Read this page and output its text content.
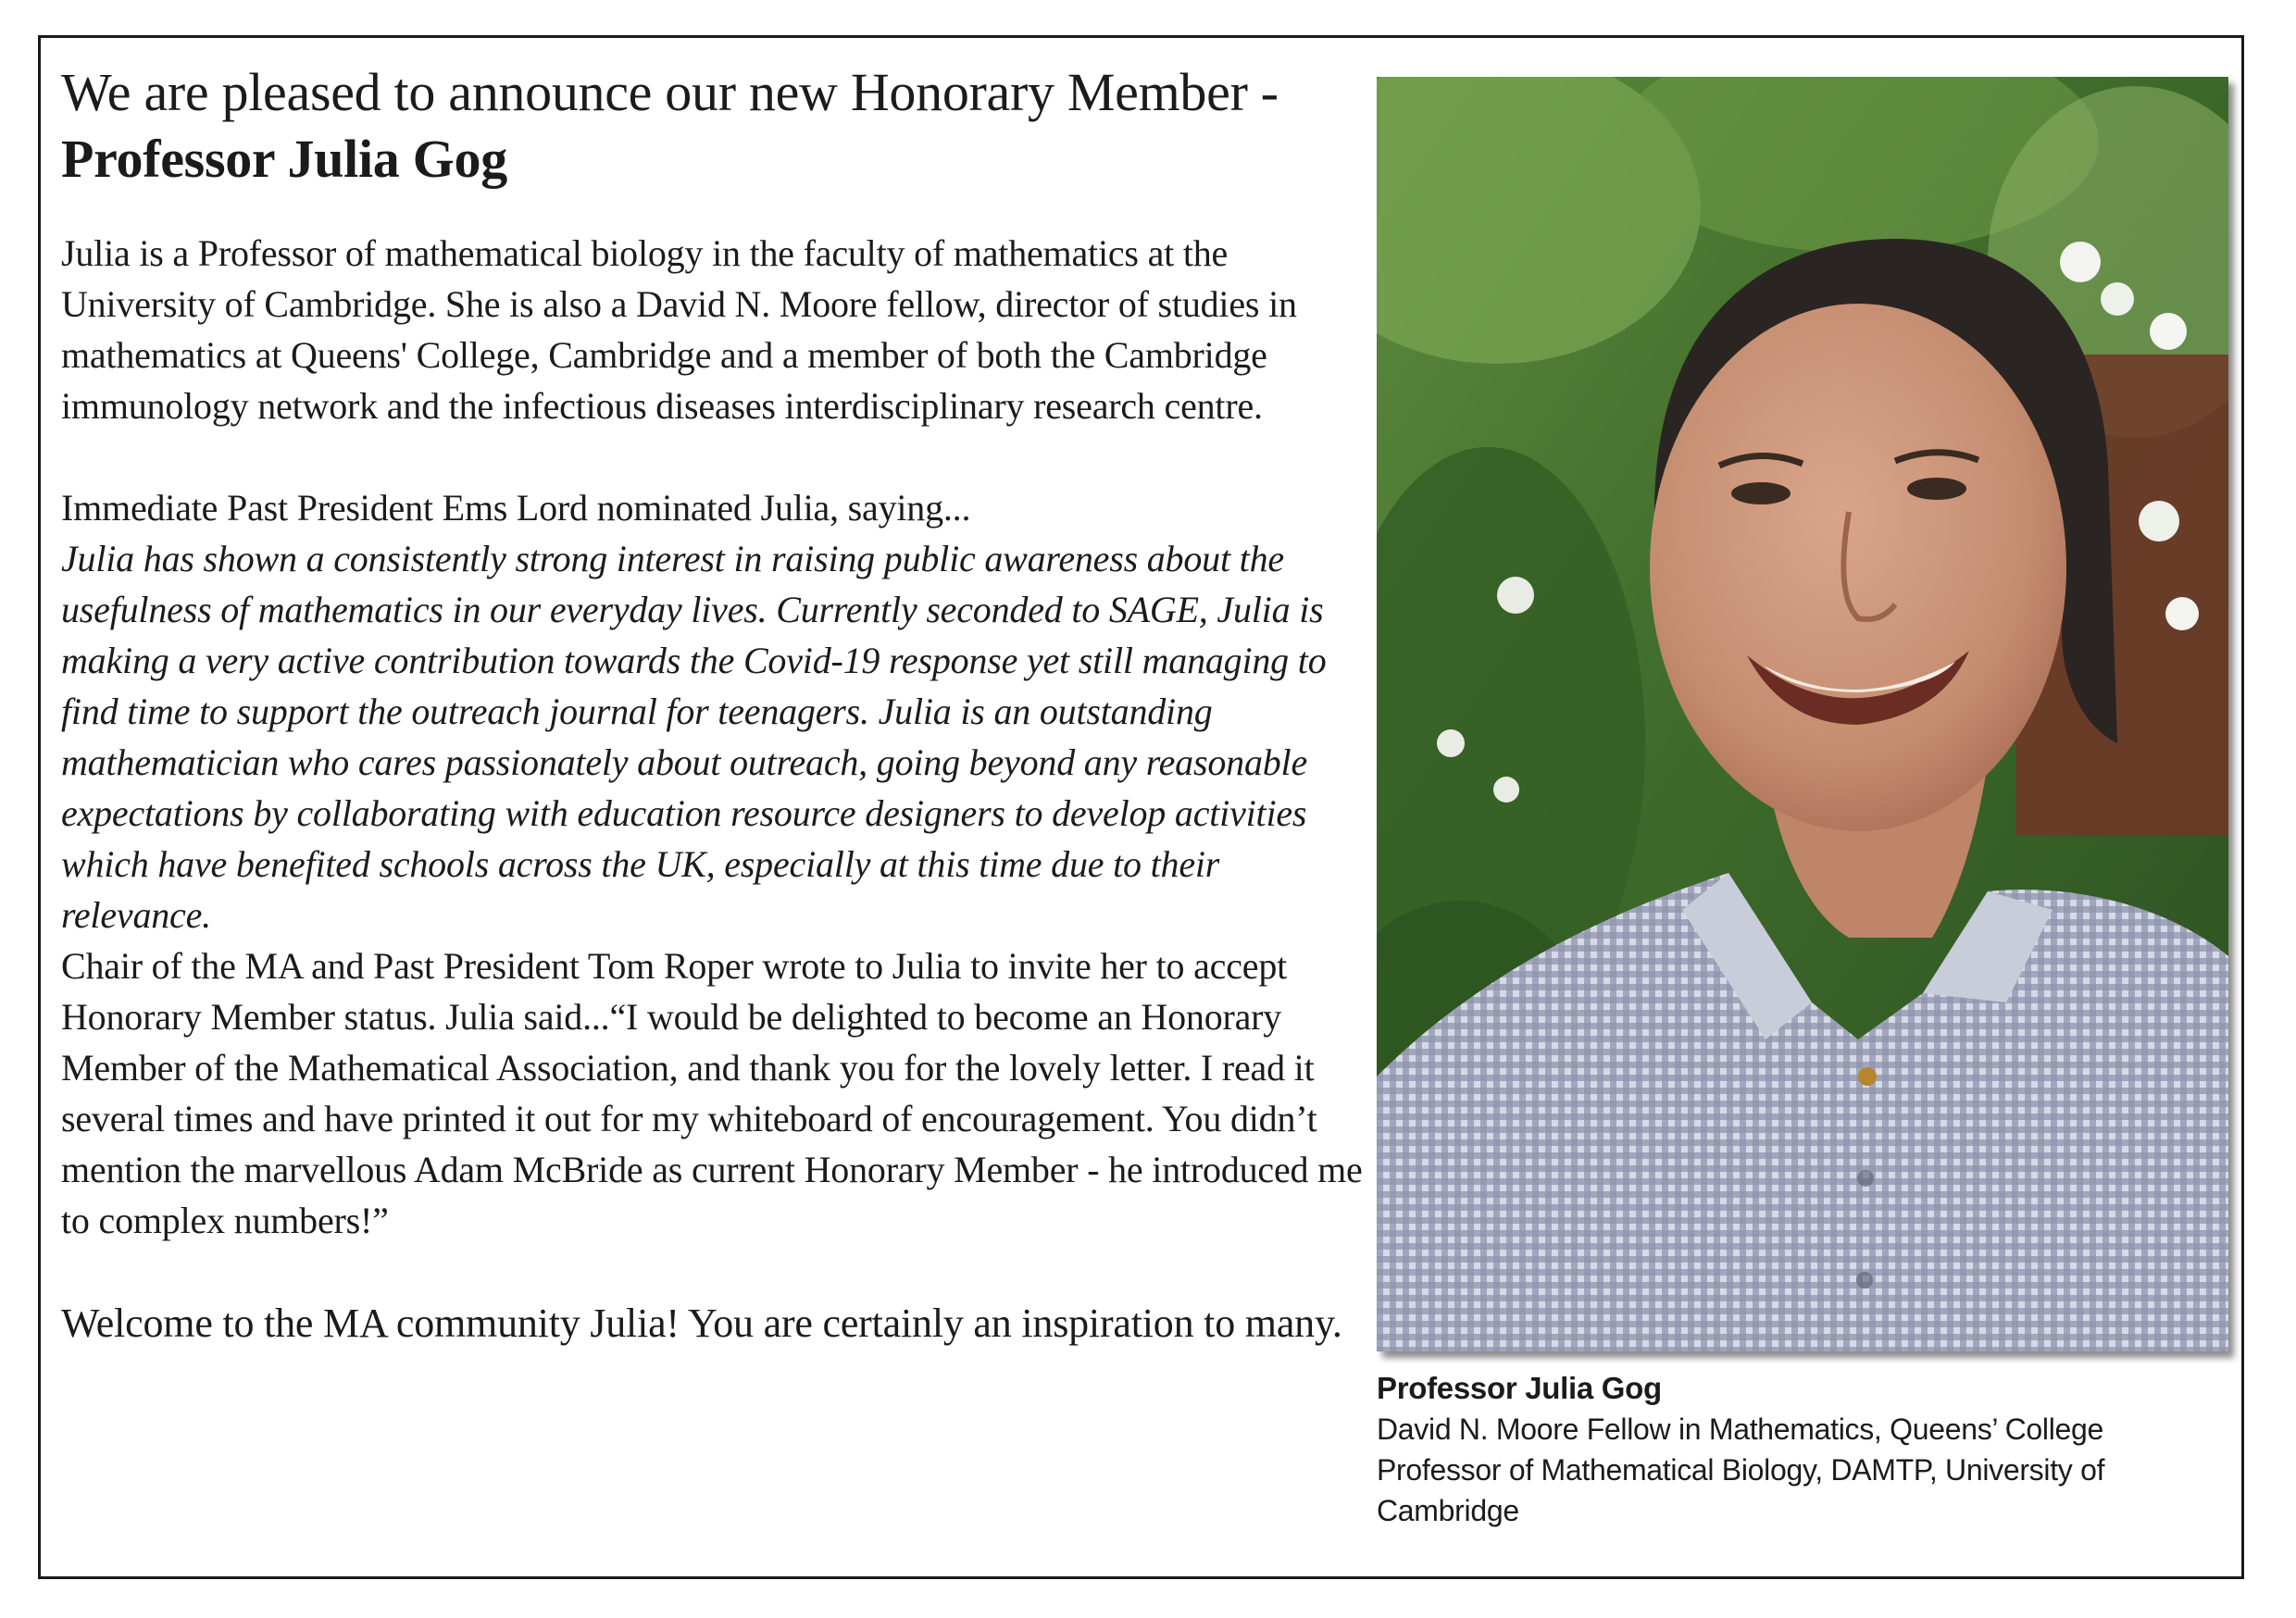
We are pleased to announce our new Honorary Member - Professor Julia Gog

Julia is a Professor of mathematical biology in the faculty of mathematics at the University of Cambridge. She is also a David N. Moore fellow, director of studies in mathematics at Queens' College, Cambridge and a member of both the Cambridge immunology network and the infectious diseases interdisciplinary research centre.

Immediate Past President Ems Lord nominated Julia, saying...

Julia has shown a consistently strong interest in raising public awareness about the usefulness of mathematics in our everyday lives. Currently seconded to SAGE, Julia is making a very active contribution towards the Covid-19 response yet still managing to find time to support the outreach journal for teenagers. Julia is an outstanding mathematician who cares passionately about outreach, going beyond any reasonable expectations by collaborating with education resource designers to develop activities which have benefited schools across the UK, especially at this time due to their relevance.

Chair of the MA and Past President Tom Roper wrote to Julia to invite her to accept Honorary Member status. Julia said...“I would be delighted to become an Honorary Member of the Mathematical Association, and thank you for the lovely letter. I read it several times and have printed it out for my whiteboard of encouragement. You didn’t mention the marvellous Adam McBride as current Honorary Member - he introduced me to complex numbers!”

Welcome to the MA community Julia! You are certainly an inspiration to many.

Professor Julia Gog
David N. Moore Fellow in Mathematics, Queens’ College
Professor of Mathematical Biology, DAMTP, University of Cambridge
